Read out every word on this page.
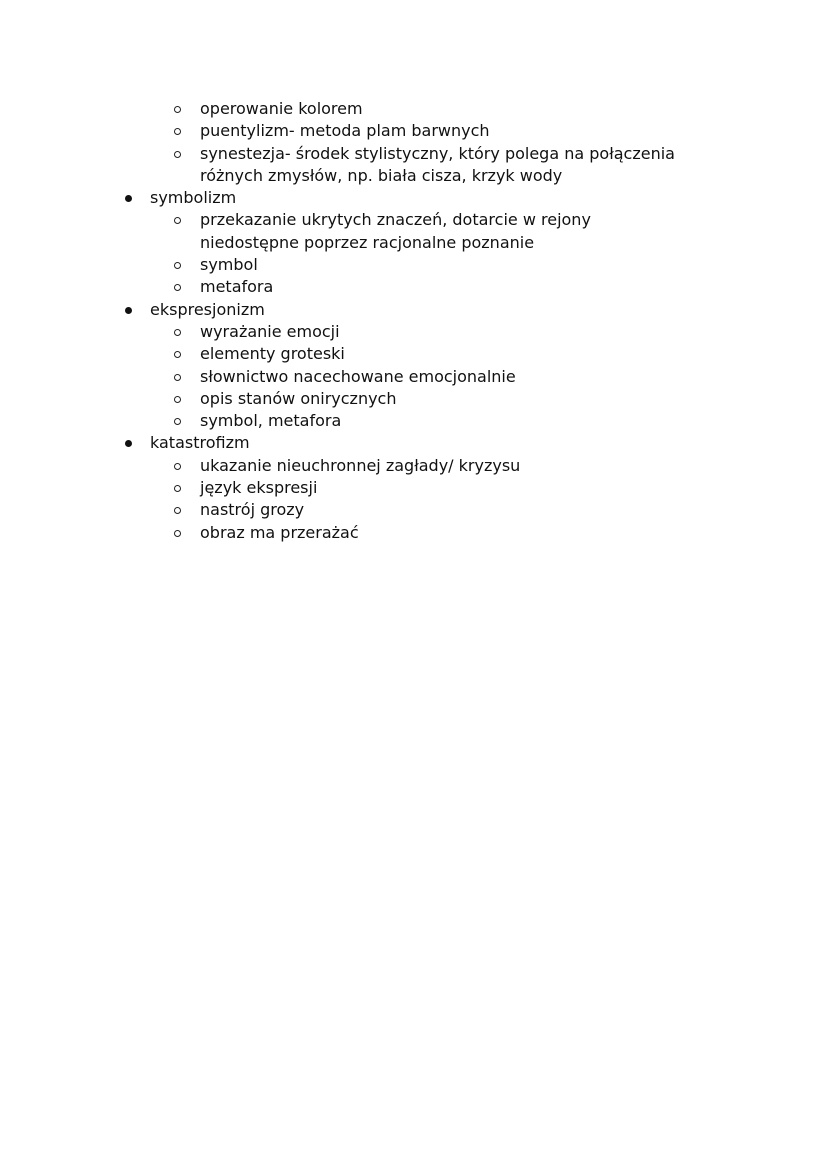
operowanie kolorem
puentylizm- metoda plam barwnych
synestezja- środek stylistyczny, który polega na połączenia
różnych zmysłów, np. biała cisza, krzyk wody
symbolizm
przekazanie ukrytych znaczeń, dotarcie w rejony
niedostępne poprzez racjonalne poznanie
symbol
metafora
ekspresjonizm
wyrażanie emocji
elementy groteski
słownictwo nacechowane emocjonalnie
opis stanów onirycznych
symbol, metafora
katastrofizm
ukazanie nieuchronnej zagłady/ kryzysu
język ekspresji
nastrój grozy
obraz ma przerażać
